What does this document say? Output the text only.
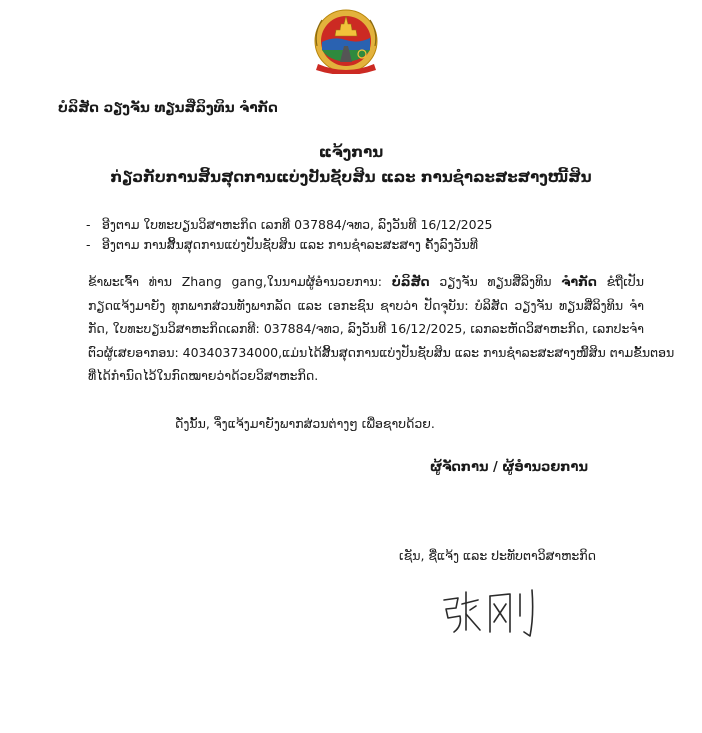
ບໍລິສັດ ວຽງຈັນ ທຽນສີ່ລິງທິນ ຈຳກັດ
ແຈ້ງການ
ກ່ຽວກັບການສິ້ນສຸດການແບ່ງປັນຊັບສິນ ແລະ ການຊຳລະສະສາງໜີ້ສິນ
- ອີງຕາມ ໃບທະບຽນວິສາຫະກິດ ເລກທີ 037884/ຈທວ, ລົງວັນທີ 16/12/2025
- ອີງຕາມ ການສິ້ນສຸດການແບ່ງປັນຊັບສິນ ແລະ ການຊຳລະສະສາງ ຄັ້ງລົງວັນທີ
ຂ້າພະເຈົ້າ ທ່ານ Zhang gang,ໃນນາມຜູ້ອຳນວຍການ: ບໍລິສັດ ວຽງຈັນ ທຽນສີ່ລິງທິນ ຈຳກັດ ຂໍຖືເປັນ
ກຽດແຈ້ງມາຍັງ ທຸກພາກສ່ວນທັງພາກລັດ ແລະ ເອກະຊົນ ຊາບວ່າ ປັດຈຸບັນ: ບໍລິສັດ ວຽງຈັນ ທຽນສີ່ລິງທິນ ຈຳ
ກັດ, ໃບທະບຽນວິສາຫະກິດເລກທີ: 037884/ຈທວ, ລົງວັນທີ 16/12/2025, ເລກລະຫັດວິສາຫະກິດ, ເລກປະຈຳ
ຕົວຜູ້ເສຍອາກອນ: 403403734000,ແມ່ນໄດ້ສິ້ນສຸດການແບ່ງປັນຊັບສິນ ແລະ ການຊຳລະສະສາງໜີ້ສິນ ຕາມຂັ້ນຕອນ
ທີ່ໄດ້ກຳນົດໄວ້ໃນກົດໝາຍວ່າດ້ວຍວິສາຫະກິດ.
ດັ່ງນັ້ນ, ຈຶ່ງແຈ້ງມາຍັງພາກສ່ວນຕ່າງໆ ເພື່ອຊາບດ້ວຍ.
ຜູ້ຈັດການ / ຜູ້ອຳນວຍການ
ເຊັນ, ຊື່ແຈ້ງ ແລະ ປະທັບຕາວິສາຫະກິດ
